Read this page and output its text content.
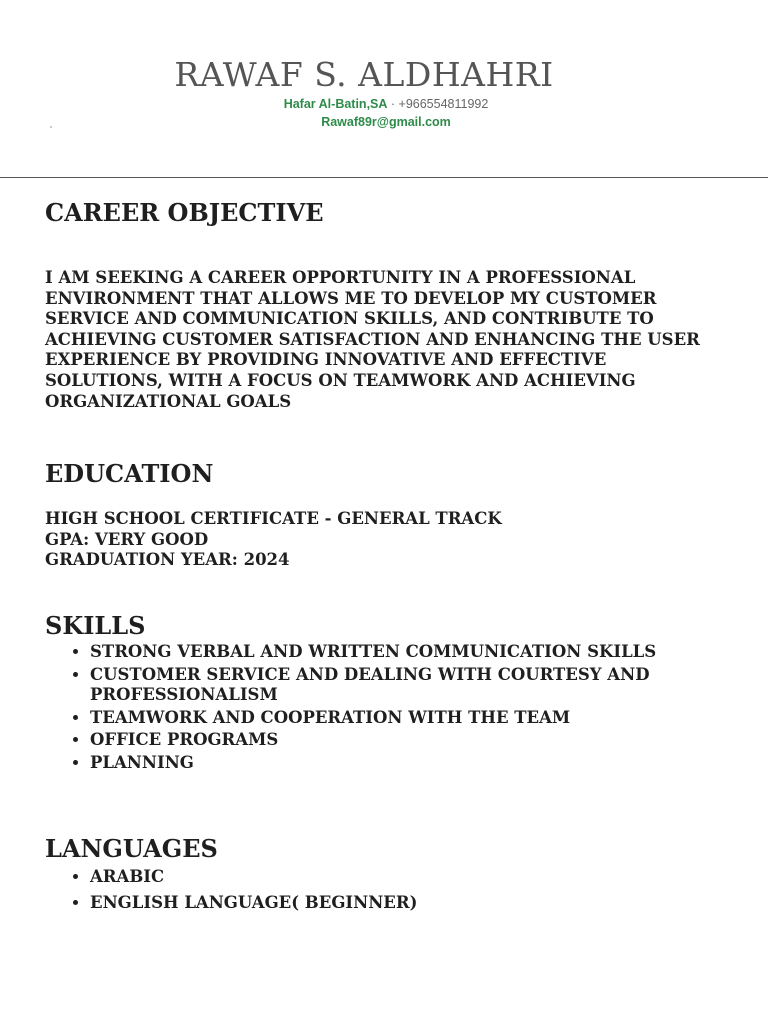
RAWAF S. ALDHAHRI

Hafar Al-Batin,SA · +966554811992

Rawaf89r@gmail.com

CAREER OBJECTIVE
I AM SEEKING A CAREER OPPORTUNITY IN A PROFESSIONAL
ENVIRONMENT THAT ALLOWS ME TO DEVELOP MY CUSTOMER
SERVICE AND COMMUNICATION SKILLS, AND CONTRIBUTE TO
ACHIEVING CUSTOMER SATISFACTION AND ENHANCING THE USER
EXPERIENCE BY PROVIDING INNOVATIVE AND EFFECTIVE
SOLUTIONS, WITH A FOCUS ON TEAMWORK AND ACHIEVING
ORGANIZATIONAL GOALS
EDUCATION
HIGH SCHOOL CERTIFICATE - GENERAL TRACK
GPA: VERY GOOD
GRADUATION YEAR: 2024
SKILLS
• STRONG VERBAL AND WRITTEN COMMUNICATION SKILLS
• CUSTOMER SERVICE AND DEALING WITH COURTESY AND PROFESSIONALISM
• TEAMWORK AND COOPERATION WITH THE TEAM
• OFFICE PROGRAMS
• PLANNING
LANGUAGES
• ARABIC
• ENGLISH LANGUAGE( BEGINNER)
